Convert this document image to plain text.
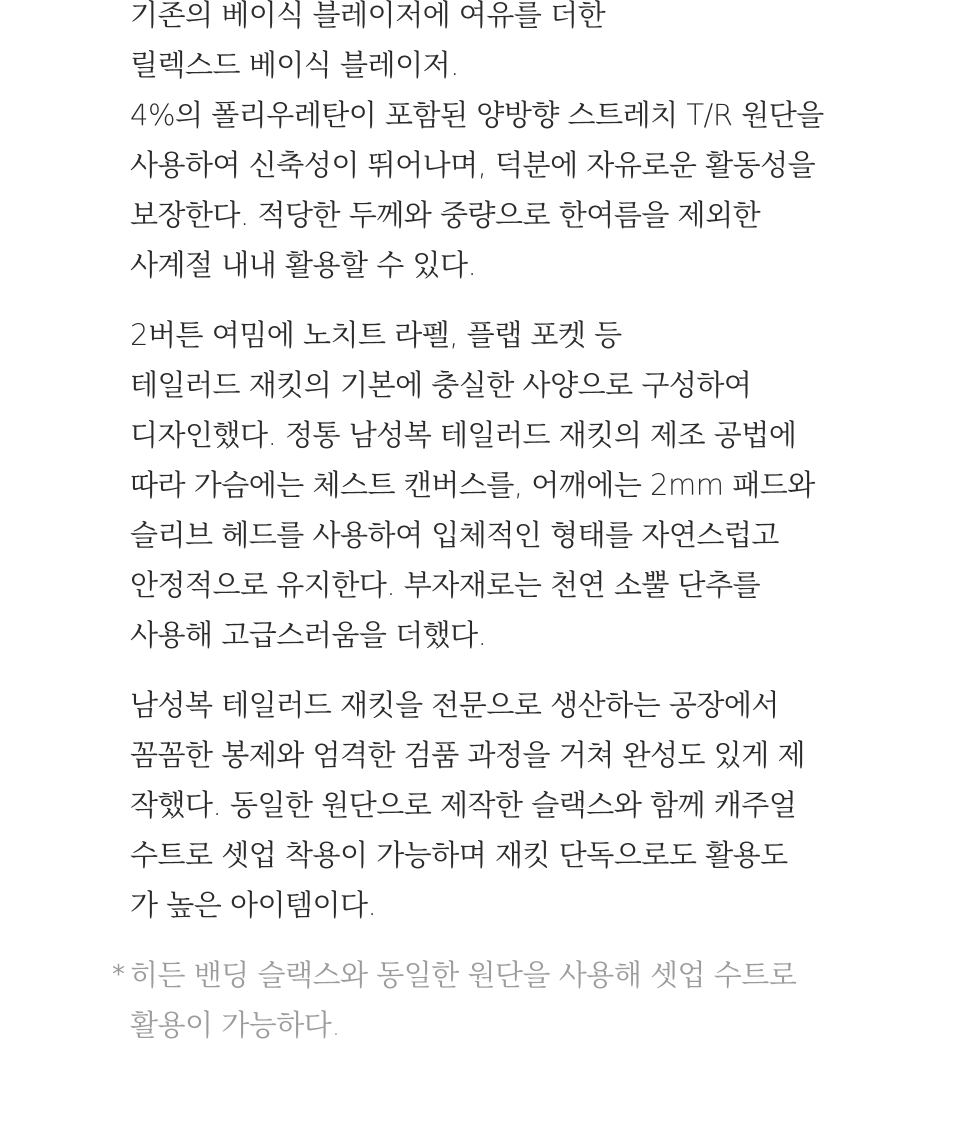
기존의 베이식 블레이저에 여유를 더한
릴렉스드 베이식 블레이저.
4%의 폴리우레탄이 포함된 양방향 스트레치 T/R 원단을
사용하여 신축성이 뛰어나며, 덕분에 자유로운 활동성을
보장한다. 적당한 두께와 중량으로 한여름을 제외한
사계절 내내 활용할 수 있다.
2버튼 여밈에 노치트 라펠, 플랩 포켓 등
테일러드 재킷의 기본에 충실한 사양으로 구성하여
디자인했다. 정통 남성복 테일러드 재킷의 제조 공법에
따라 가슴에는 체스트 캔버스를, 어깨에는 2mm 패드와
슬리브 헤드를 사용하여 입체적인 형태를 자연스럽고
안정적으로 유지한다. 부자재로는 천연 소뿔 단추를
사용해 고급스러움을 더했다.
남성복 테일러드 재킷을 전문으로 생산하는 공장에서
꼼꼼한 봉제와 엄격한 검품 과정을 거쳐 완성도 있게 제
작했다. 동일한 원단으로 제작한 슬랙스와 함께 캐주얼
수트로 셋업 착용이 가능하며 재킷 단독으로도 활용도
가 높은 아이템이다.
* 히든 밴딩 슬랙스와 동일한 원단을 사용해 셋업 수트로
활용이 가능하다.
